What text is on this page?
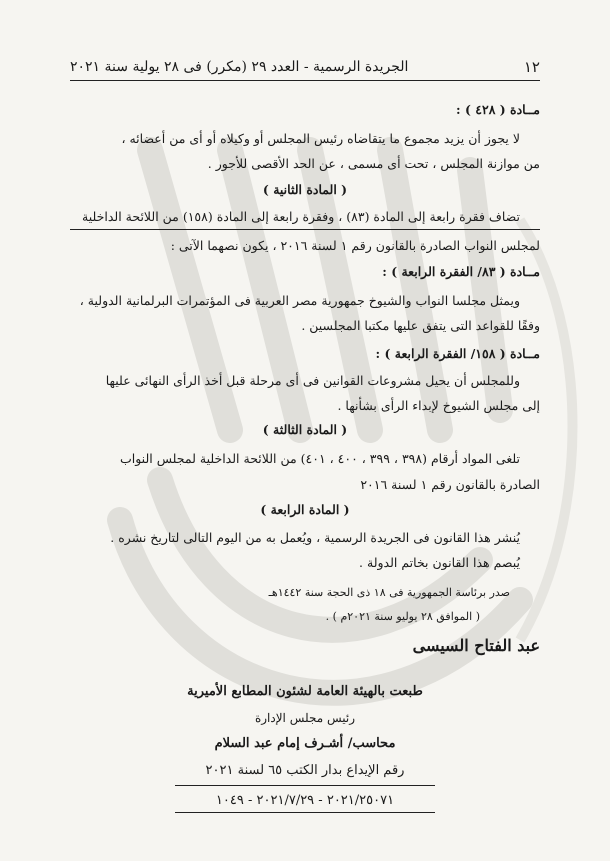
١٢
الجريدة الرسمية - العدد ٢٩ (مكرر) فى ٢٨ يولية سنة ٢٠٢١
مــادة ( ٤٢٨ ) :
لا يجوز أن يزيد مجموع ما يتقاضاه رئيس المجلس أو وكيلاه أو أى من أعضائه ،
من موازنة المجلس ، تحت أى مسمى ، عن الحد الأقصى للأجور .
( المادة الثانية )
تضاف فقرة رابعة إلى المادة (٨٣) ، وفقرة رابعة إلى المادة (١٥٨) من اللائحة الداخلية
لمجلس النواب الصادرة بالقانون رقم ١ لسنة ٢٠١٦ ، يكون نصهما الآتى :
مــادة ( ٨٣/ الفقرة الرابعة ) :
ويمثل مجلسا النواب والشيوخ جمهورية مصر العربية فى المؤتمرات البرلمانية الدولية ،
وفقًا للقواعد التى يتفق عليها مكتبا المجلسين .
مــادة ( ١٥٨/ الفقرة الرابعة ) :
وللمجلس أن يحيل مشروعات القوانين فى أى مرحلة قبل أخذ الرأى النهائى عليها
إلى مجلس الشيوخ لإبداء الرأى بشأنها .
( المادة الثالثة )
تلغى المواد أرقام (٣٩٨ ، ٣٩٩ ، ٤٠٠ ، ٤٠١) من اللائحة الداخلية لمجلس النواب
الصادرة بالقانون رقم ١ لسنة ٢٠١٦
( المادة الرابعة )
يُنشر هذا القانون فى الجريدة الرسمية ، ويُعمل به من اليوم التالى لتاريخ نشره .
يُبصم هذا القانون بخاتم الدولة .
صدر برئاسة الجمهورية فى ١٨ ذى الحجة سنة ١٤٤٢هـ
( الموافق ٢٨ يوليو سنة ٢٠٢١م ) .
عبد الفتاح السيسى
طبعت بالهيئة العامة لشئون المطابع الأميرية
رئيس مجلس الإدارة
محاسب/ أشـرف إمام عبد السلام
رقم الإيداع بدار الكتب ٦٥ لسنة ٢٠٢١
٢٠٢١/٢٥٠٧١ - ٢٠٢١/٧/٢٩ - ١٠٤٩
